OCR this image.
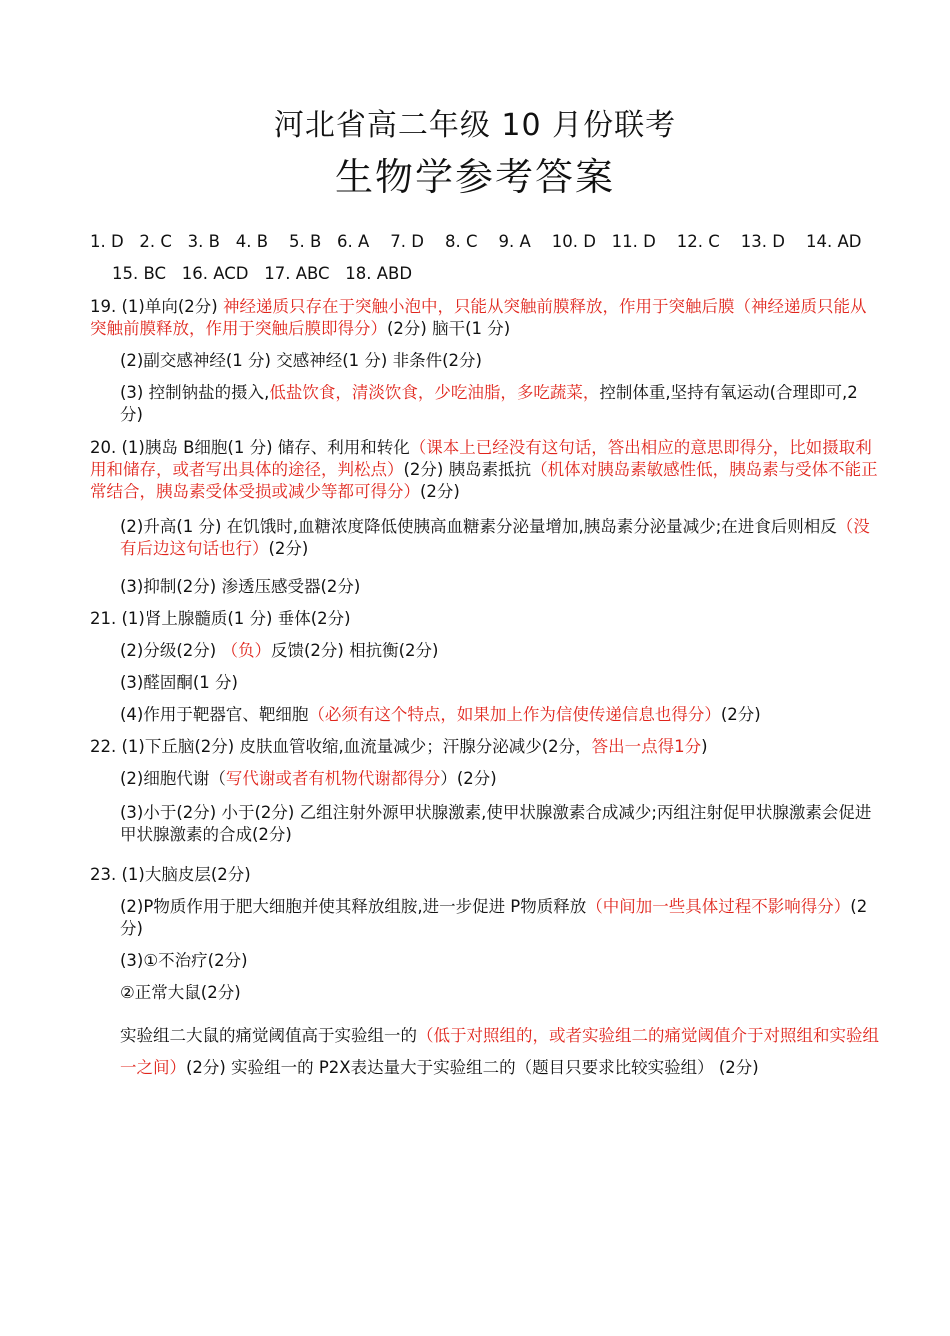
河北省高二年级 10 月份联考
生物学参考答案
1. D   2. C   3. B   4. B    5. B   6. A    7. D    8. C    9. A    10. D   11. D    12. C    13. D    14. AD
15. BC   16. ACD   17. ABC   18. ABD
19. (1)单向(2分) 神经递质只存在于突触小泡中，只能从突触前膜释放，作用于突触后膜（神经递质只能从突触前膜释放，作用于突触后膜即得分）(2分) 脑干(1 分)
(2)副交感神经(1 分) 交感神经(1 分) 非条件(2分)
(3) 控制钠盐的摄入,低盐饮食，清淡饮食，少吃油脂，多吃蔬菜，控制体重,坚持有氧运动(合理即可,2分)
20. (1)胰岛 B细胞(1 分) 储存、利用和转化（课本上已经没有这句话，答出相应的意思即得分，比如摄取利用和储存，或者写出具体的途径，判松点）(2分) 胰岛素抵抗（机体对胰岛素敏感性低，胰岛素与受体不能正常结合，胰岛素受体受损或减少等都可得分）(2分)
(2)升高(1 分) 在饥饿时,血糖浓度降低使胰高血糖素分泌量增加,胰岛素分泌量减少;在进食后则相反（没有后边这句话也行）(2分)
(3)抑制(2分) 渗透压感受器(2分)
21. (1)肾上腺髓质(1 分) 垂体(2分)
(2)分级(2分) （负）反馈(2分) 相抗衡(2分)
(3)醛固酮(1 分)
(4)作用于靶器官、靶细胞（必须有这个特点，如果加上作为信使传递信息也得分）(2分)
22. (1)下丘脑(2分) 皮肤血管收缩,血流量减少；汗腺分泌减少(2分，答出一点得1分)
(2)细胞代谢（写代谢或者有机物代谢都得分）(2分)
(3)小于(2分) 小于(2分) 乙组注射外源甲状腺激素,使甲状腺激素合成减少;丙组注射促甲状腺激素会促进甲状腺激素的合成(2分)
23. (1)大脑皮层(2分)
(2)P物质作用于肥大细胞并使其释放组胺,进一步促进 P物质释放（中间加一些具体过程不影响得分）(2分)
(3)①不治疗(2分)
②正常大鼠(2分)
实验组二大鼠的痛觉阈值高于实验组一的（低于对照组的，或者实验组二的痛觉阈值介于对照组和实验组一之间）(2分) 实验组一的 P2X表达量大于实验组二的（题目只要求比较实验组） (2分)
